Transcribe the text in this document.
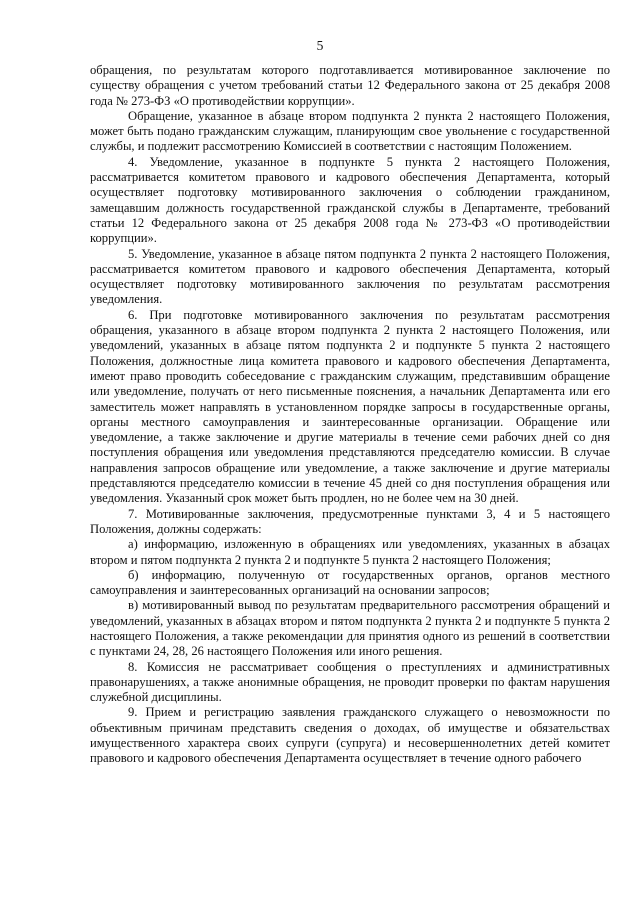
5

обращения, по результатам которого подготавливается мотивированное заключение по существу обращения с учетом требований статьи 12 Федерального закона от 25 декабря 2008 года № 273-ФЗ «О противодействии коррупции».

Обращение, указанное в абзаце втором подпункта 2 пункта 2 настоящего Положения, может быть подано гражданским служащим, планирующим свое увольнение с государственной службы, и подлежит рассмотрению Комиссией в соответствии с настоящим Положением.

4. Уведомление, указанное в подпункте 5 пункта 2 настоящего Положения, рассматривается комитетом правового и кадрового обеспечения Департамента, который осуществляет подготовку мотивированного заключения о соблюдении гражданином, замещавшим должность государственной гражданской службы в Департаменте, требований статьи 12 Федерального закона от 25 декабря 2008 года № 273-ФЗ «О противодействии коррупции».

5. Уведомление, указанное в абзаце пятом подпункта 2 пункта 2 настоящего Положения, рассматривается комитетом правового и кадрового обеспечения Департамента, который осуществляет подготовку мотивированного заключения по результатам рассмотрения уведомления.

6. При подготовке мотивированного заключения по результатам рассмотрения обращения, указанного в абзаце втором подпункта 2 пункта 2 настоящего Положения, или уведомлений, указанных в абзаце пятом подпункта 2 и подпункте 5 пункта 2 настоящего Положения, должностные лица комитета правового и кадрового обеспечения Департамента, имеют право проводить собеседование с гражданским служащим, представившим обращение или уведомление, получать от него письменные пояснения, а начальник Департамента или его заместитель может направлять в установленном порядке запросы в государственные органы, органы местного самоуправления и заинтересованные организации. Обращение или уведомление, а также заключение и другие материалы в течение семи рабочих дней со дня поступления обращения или уведомления представляются председателю комиссии. В случае направления запросов обращение или уведомление, а также заключение и другие материалы представляются председателю комиссии в течение 45 дней со дня поступления обращения или уведомления. Указанный срок может быть продлен, но не более чем на 30 дней.

7. Мотивированные заключения, предусмотренные пунктами 3, 4 и 5 настоящего Положения, должны содержать:

а) информацию, изложенную в обращениях или уведомлениях, указанных в абзацах втором и пятом подпункта 2 пункта 2 и подпункте 5 пункта 2 настоящего Положения;

б) информацию, полученную от государственных органов, органов местного самоуправления и заинтересованных организаций на основании запросов;

в) мотивированный вывод по результатам предварительного рассмотрения обращений и уведомлений, указанных в абзацах втором и пятом подпункта 2 пункта 2 и подпункте 5 пункта 2 настоящего Положения, а также рекомендации для принятия одного из решений в соответствии с пунктами 24, 28, 26 настоящего Положения или иного решения.

8. Комиссия не рассматривает сообщения о преступлениях и административных правонарушениях, а также анонимные обращения, не проводит проверки по фактам нарушения служебной дисциплины.

9. Прием и регистрацию заявления гражданского служащего о невозможности по объективным причинам представить сведения о доходах, об имуществе и обязательствах имущественного характера своих супруги (супруга) и несовершеннолетних детей комитет правового и кадрового обеспечения Департамента осуществляет в течение одного рабочего
